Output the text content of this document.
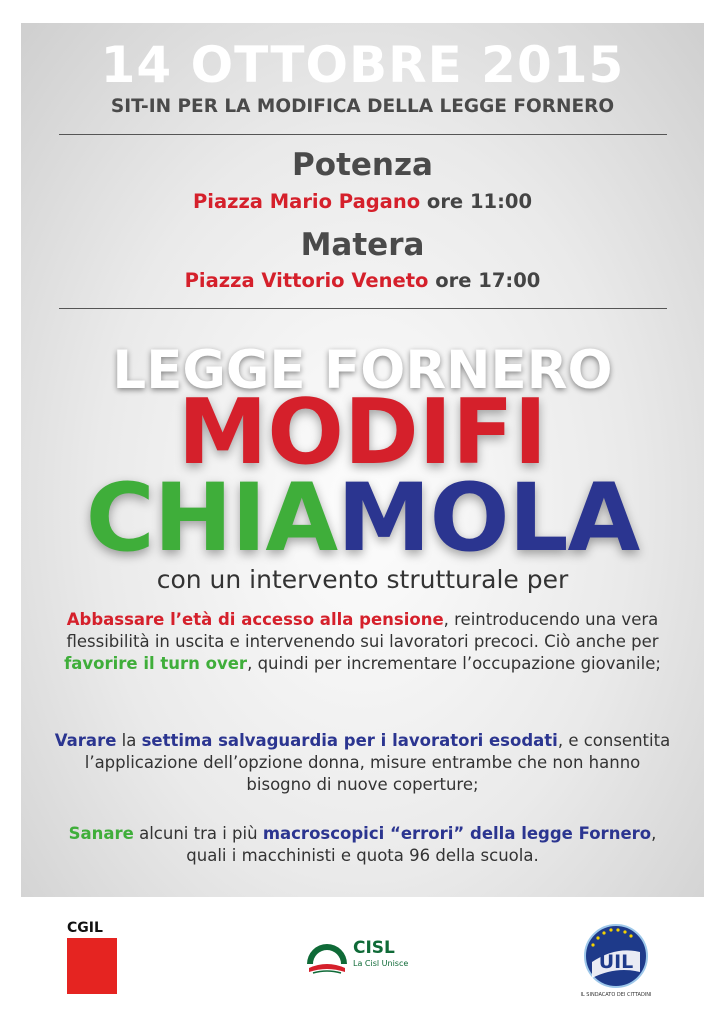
14 OTTOBRE 2015
SIT-IN PER LA MODIFICA DELLA LEGGE FORNERO
Potenza
Piazza Mario Pagano ore 11:00
Matera
Piazza Vittorio Veneto ore 17:00
LEGGE FORNERO
MODIFI
CHIAMOLA
con un intervento strutturale per
Abbassare l’età di accesso alla pensione, reintroducendo una vera flessibilità in uscita e intervenendo sui lavoratori precoci. Ciò anche per favorire il turn over, quindi per incrementare l’occupazione giovanile;
Varare la settima salvaguardia per i lavoratori esodati, e consentita l’applicazione dell’opzione donna, misure entrambe che non hanno bisogno di nuove coperture;
Sanare alcuni tra i più macroscopici “errori” della legge Fornero, quali i macchinisti e quota 96 della scuola.
CGIL
CISL
La Cisl Unisce	UIL
IL SINDACATO DEI CITTADINI
